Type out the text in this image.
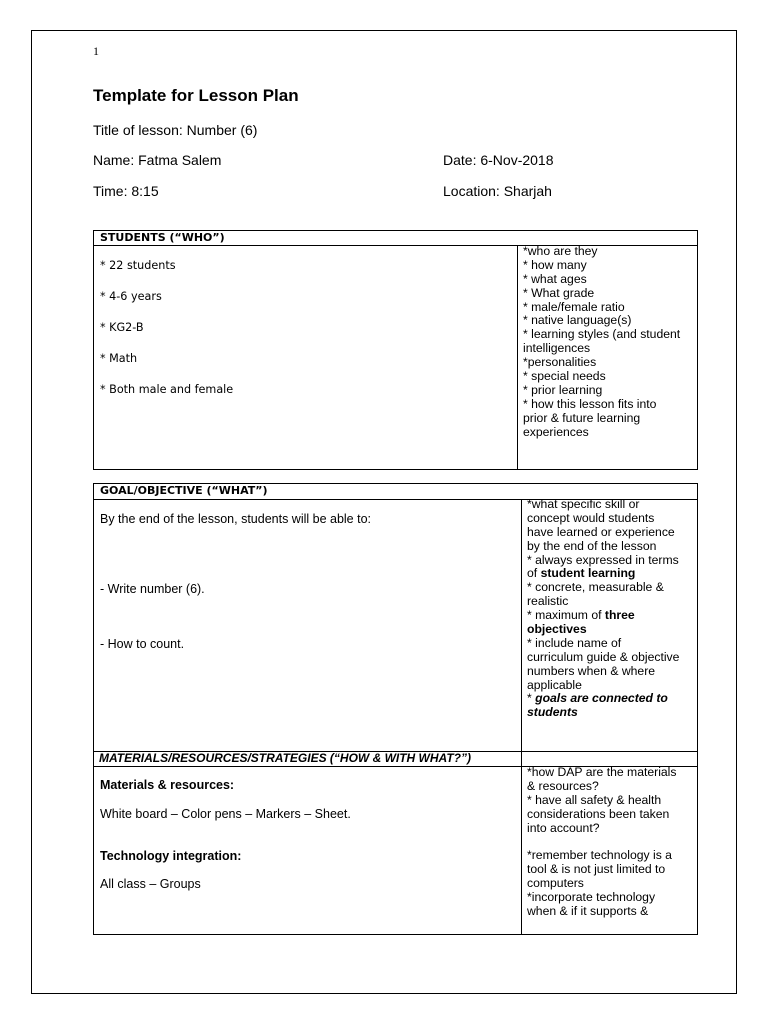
1
Template for Lesson Plan
Title of lesson: Number (6)
Name: Fatma Salem	Date: 6-Nov-2018
Time: 8:15	Location: Sharjah
STUDENTS (“WHO”)
* 22 students
* 4-6 years
* KG2-B
* Math
* Both male and female
*who are they
* how many
* what ages
* What grade
* male/female ratio
* native language(s)
* learning styles (and student
intelligences
*personalities
* special needs
* prior learning
* how this lesson fits into
prior & future learning
experiences
GOAL/OBJECTIVE (“WHAT”)
MATERIALS/RESOURCES/STRATEGIES (“HOW & WITH WHAT?”)
By the end of the lesson, students will be able to:
- Write number (6).
- How to count.
*what specific skill or
concept would students
have learned or experience
by the end of the lesson
* always expressed in terms
of student learning
* concrete, measurable &
realistic
* maximum of three
objectives
* include name of
curriculum guide & objective
numbers when & where
applicable
* goals are connected to
students
Materials & resources:
White board – Color pens – Markers – Sheet.
Technology integration:
All class – Groups
*how DAP are the materials
& resources?
* have all safety & health
considerations been taken
into account?
*remember technology is a
tool & is not just limited to
computers
*incorporate technology
when & if it supports &
